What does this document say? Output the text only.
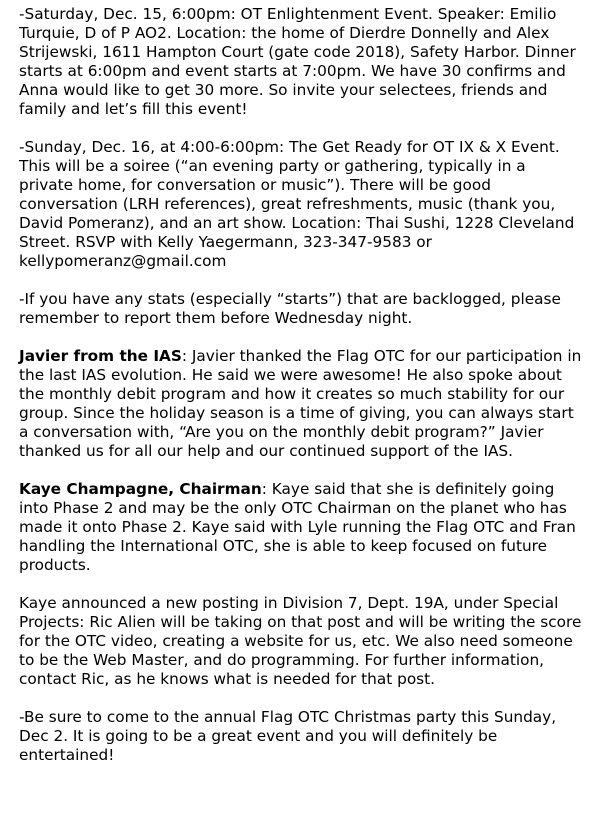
-Saturday, Dec. 15, 6:00pm: OT Enlightenment Event. Speaker: Emilio Turquie, D of P AO2. Location: the home of Dierdre Donnelly and Alex Strijewski, 1611 Hampton Court (gate code 2018), Safety Harbor. Dinner starts at 6:00pm and event starts at 7:00pm. We have 30 confirms and Anna would like to get 30 more. So invite your selectees, friends and family and let’s fill this event!

-Sunday, Dec. 16, at 4:00-6:00pm: The Get Ready for OT IX & X Event. This will be a soiree (“an evening party or gathering, typically in a private home, for conversation or music”). There will be good conversation (LRH references), great refreshments, music (thank you, David Pomeranz), and an art show. Location: Thai Sushi, 1228 Cleveland Street. RSVP with Kelly Yaegermann, 323-347-9583 or kellypomeranz@gmail.com

-If you have any stats (especially “starts”) that are backlogged, please remember to report them before Wednesday night.

Javier from the IAS: Javier thanked the Flag OTC for our participation in the last IAS evolution. He said we were awesome! He also spoke about the monthly debit program and how it creates so much stability for our group. Since the holiday season is a time of giving, you can always start a conversation with, “Are you on the monthly debit program?” Javier thanked us for all our help and our continued support of the IAS.

Kaye Champagne, Chairman: Kaye said that she is definitely going into Phase 2 and may be the only OTC Chairman on the planet who has made it onto Phase 2. Kaye said with Lyle running the Flag OTC and Fran handling the International OTC, she is able to keep focused on future products.

Kaye announced a new posting in Division 7, Dept. 19A, under Special Projects: Ric Alien will be taking on that post and will be writing the score for the OTC video, creating a website for us, etc. We also need someone to be the Web Master, and do programming. For further information, contact Ric, as he knows what is needed for that post.

-Be sure to come to the annual Flag OTC Christmas party this Sunday, Dec 2. It is going to be a great event and you will definitely be entertained!
